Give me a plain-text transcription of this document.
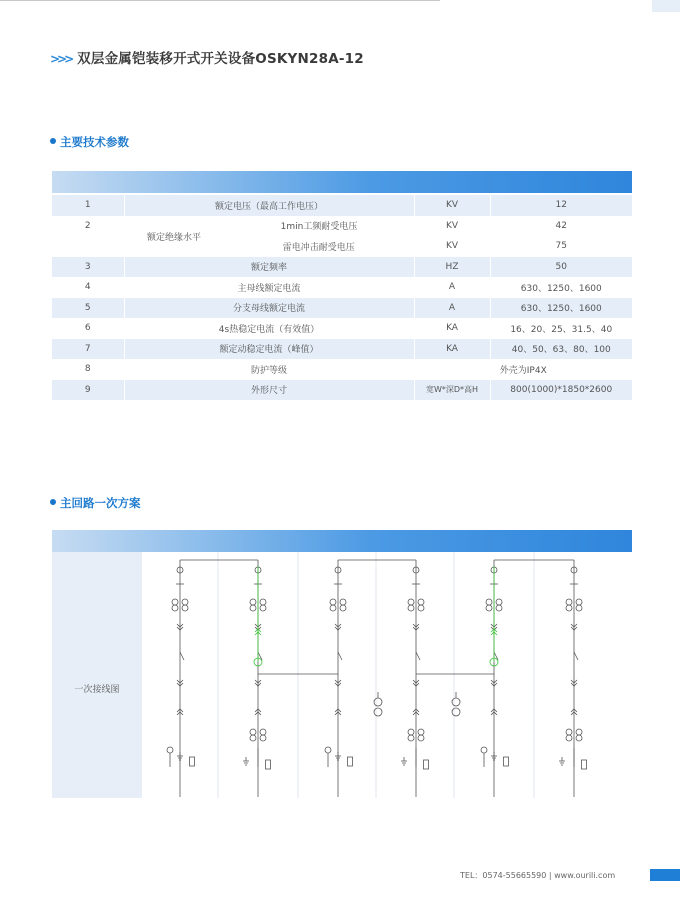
>>> 双层金属铠装移开式开关设备OSKYN28A-12
主要技术参数
1	额定电压（最高工作电压）		KV	12
2	额定绝缘水平	1min工频耐受电压	KV	42
		雷电冲击耐受电压	KV	75
3	额定频率		HZ	50
4	主母线额定电流		A	630、1250、1600
5	分支母线额定电流		A	630、1250、1600
6	4s热稳定电流（有效值）		KA	16、20、25、31.5、40
7	额定动稳定电流（峰值）		KA	40、50、63、80、100
8	防护等级		外壳为IP4X	
9	外形尺寸		宽W*深D*高H	800(1000)*1850*2600
主回路一次方案
一次接线图
TEL：0574-55665590 | www.ourili.com
